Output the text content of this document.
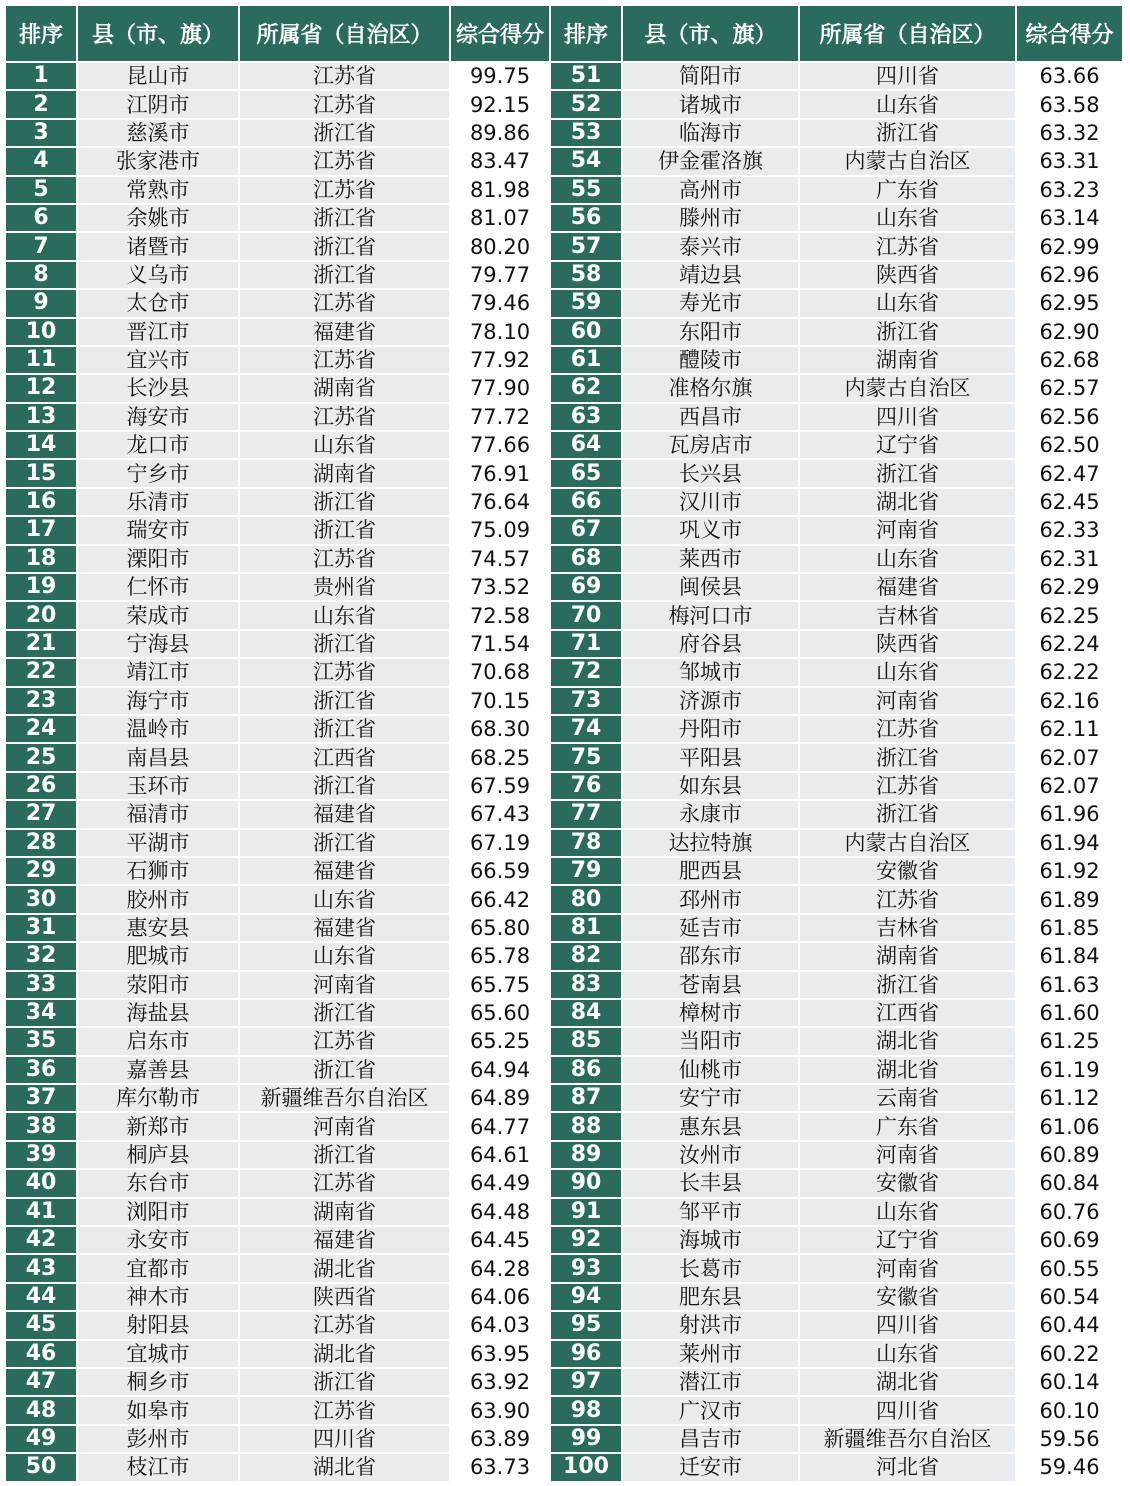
排序	县（市、旗）	所属省（自治区）	综合得分	排序	县（市、旗）	所属省（自治区）	综合得分
1	昆山市	江苏省	99.75	51	简阳市	四川省	63.66
2	江阴市	江苏省	92.15	52	诸城市	山东省	63.58
3	慈溪市	浙江省	89.86	53	临海市	浙江省	63.32
4	张家港市	江苏省	83.47	54	伊金霍洛旗	内蒙古自治区	63.31
5	常熟市	江苏省	81.98	55	高州市	广东省	63.23
6	余姚市	浙江省	81.07	56	滕州市	山东省	63.14
7	诸暨市	浙江省	80.20	57	泰兴市	江苏省	62.99
8	义乌市	浙江省	79.77	58	靖边县	陕西省	62.96
9	太仓市	江苏省	79.46	59	寿光市	山东省	62.95
10	晋江市	福建省	78.10	60	东阳市	浙江省	62.90
11	宜兴市	江苏省	77.92	61	醴陵市	湖南省	62.68
12	长沙县	湖南省	77.90	62	准格尔旗	内蒙古自治区	62.57
13	海安市	江苏省	77.72	63	西昌市	四川省	62.56
14	龙口市	山东省	77.66	64	瓦房店市	辽宁省	62.50
15	宁乡市	湖南省	76.91	65	长兴县	浙江省	62.47
16	乐清市	浙江省	76.64	66	汉川市	湖北省	62.45
17	瑞安市	浙江省	75.09	67	巩义市	河南省	62.33
18	溧阳市	江苏省	74.57	68	莱西市	山东省	62.31
19	仁怀市	贵州省	73.52	69	闽侯县	福建省	62.29
20	荣成市	山东省	72.58	70	梅河口市	吉林省	62.25
21	宁海县	浙江省	71.54	71	府谷县	陕西省	62.24
22	靖江市	江苏省	70.68	72	邹城市	山东省	62.22
23	海宁市	浙江省	70.15	73	济源市	河南省	62.16
24	温岭市	浙江省	68.30	74	丹阳市	江苏省	62.11
25	南昌县	江西省	68.25	75	平阳县	浙江省	62.07
26	玉环市	浙江省	67.59	76	如东县	江苏省	62.07
27	福清市	福建省	67.43	77	永康市	浙江省	61.96
28	平湖市	浙江省	67.19	78	达拉特旗	内蒙古自治区	61.94
29	石狮市	福建省	66.59	79	肥西县	安徽省	61.92
30	胶州市	山东省	66.42	80	邳州市	江苏省	61.89
31	惠安县	福建省	65.80	81	延吉市	吉林省	61.85
32	肥城市	山东省	65.78	82	邵东市	湖南省	61.84
33	荥阳市	河南省	65.75	83	苍南县	浙江省	61.63
34	海盐县	浙江省	65.60	84	樟树市	江西省	61.60
35	启东市	江苏省	65.25	85	当阳市	湖北省	61.25
36	嘉善县	浙江省	64.94	86	仙桃市	湖北省	61.19
37	库尔勒市	新疆维吾尔自治区	64.89	87	安宁市	云南省	61.12
38	新郑市	河南省	64.77	88	惠东县	广东省	61.06
39	桐庐县	浙江省	64.61	89	汝州市	河南省	60.89
40	东台市	江苏省	64.49	90	长丰县	安徽省	60.84
41	浏阳市	湖南省	64.48	91	邹平市	山东省	60.76
42	永安市	福建省	64.45	92	海城市	辽宁省	60.69
43	宜都市	湖北省	64.28	93	长葛市	河南省	60.55
44	神木市	陕西省	64.06	94	肥东县	安徽省	60.54
45	射阳县	江苏省	64.03	95	射洪市	四川省	60.44
46	宜城市	湖北省	63.95	96	莱州市	山东省	60.22
47	桐乡市	浙江省	63.92	97	潜江市	湖北省	60.14
48	如皋市	江苏省	63.90	98	广汉市	四川省	60.10
49	彭州市	四川省	63.89	99	昌吉市	新疆维吾尔自治区	59.56
50	枝江市	湖北省	63.73	100	迁安市	河北省	59.46
